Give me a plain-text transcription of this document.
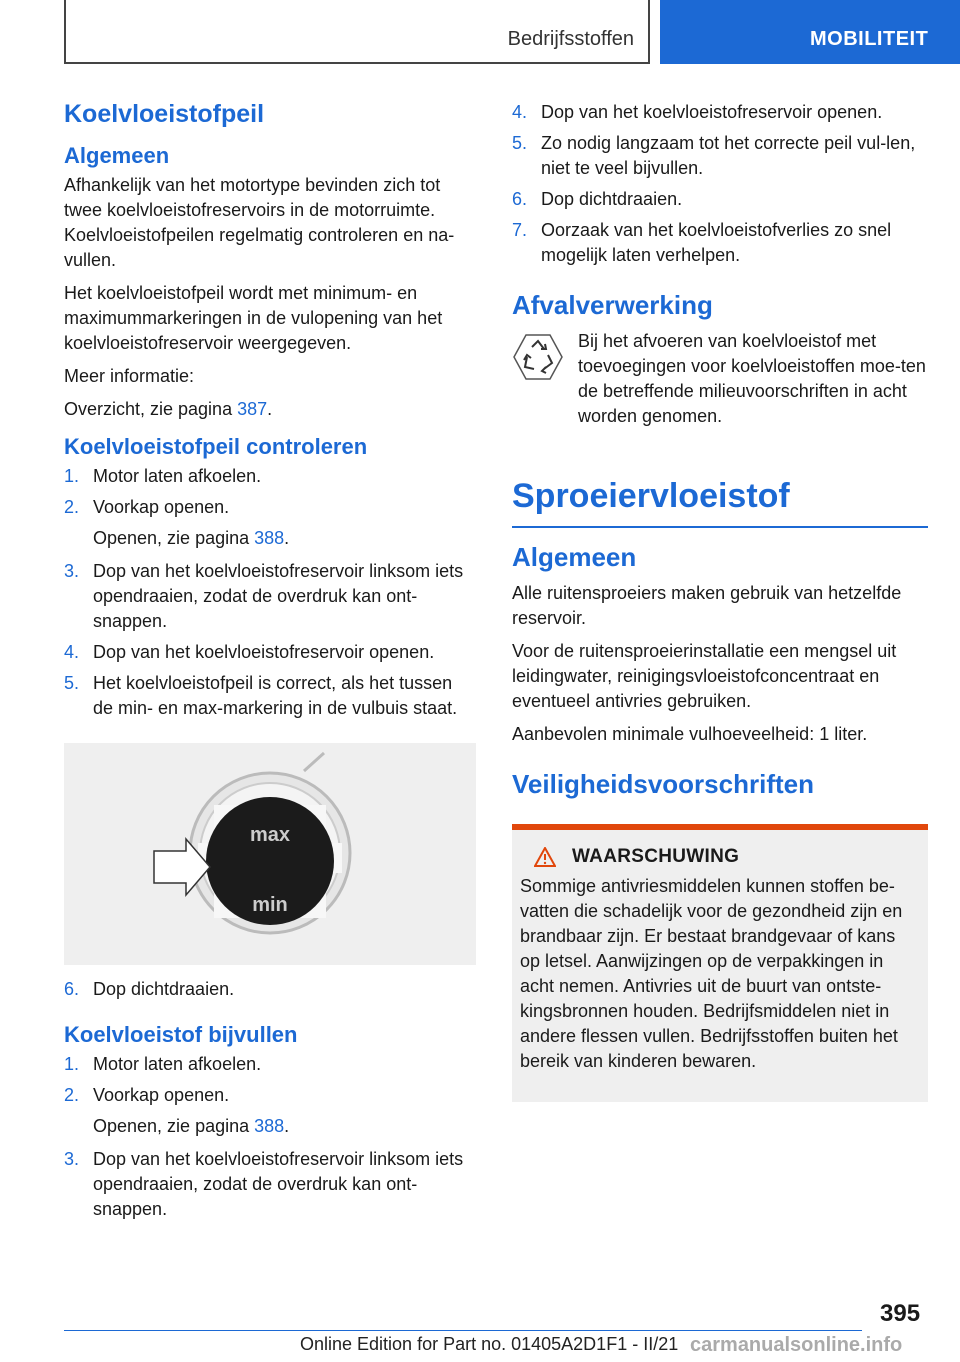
Bedrijfsstoffen	MOBILITEIT
Koelvloeistofpeil
Algemeen

Afhankelijk van het motortype bevinden zich tot twee koelvloeistofreservoirs in de motorruimte. Koelvloeistofpeilen regelmatig controleren en na-vullen.

Het koelvloeistofpeil wordt met minimum- en maximummarkeringen in de vulopening van het koelvloeistofreservoir weergegeven.

Meer informatie:

Overzicht, zie pagina 387.

Koelvloeistofpeil controleren
1. Motor laten afkoelen.
2. Voorkap openen.
Openen, zie pagina 388.
3. Dop van het koelvloeistofreservoir linksom iets opendraaien, zodat de overdruk kan ont-snappen.
4. Dop van het koelvloeistofreservoir openen.
5. Het koelvloeistofpeil is correct, als het tussen de min- en max-markering in de vulbuis staat.
max
min
6. Dop dichtdraaien.
Koelvloeistof bijvullen
1. Motor laten afkoelen.
2. Voorkap openen.
Openen, zie pagina 388.
3. Dop van het koelvloeistofreservoir linksom iets opendraaien, zodat de overdruk kan ont-snappen.
4. Dop van het koelvloeistofreservoir openen.
5. Zo nodig langzaam tot het correcte peil vul-len, niet te veel bijvullen.
6. Dop dichtdraaien.
7. Oorzaak van het koelvloeistofverlies zo snel mogelijk laten verhelpen.
Afvalverwerking

Bij het afvoeren van koelvloeistof met toevoegingen voor koelvloeistoffen moe-ten de betreffende milieuvoorschriften in acht worden genomen.

Sproeiervloeistof
Algemeen

Alle ruitensproeiers maken gebruik van hetzelfde reservoir.

Voor de ruitensproeierinstallatie een mengsel uit leidingwater, reinigingsvloeistofconcentraat en eventueel antivries gebruiken.

Aanbevolen minimale vulhoeveelheid: 1 liter.

Veiligheidsvoorschriften
WAARSCHUWING

Sommige antivriesmiddelen kunnen stoffen be-vatten die schadelijk voor de gezondheid zijn en brandbaar zijn. Er bestaat brandgevaar of kans op letsel. Aanwijzingen op de verpakkingen in acht nemen. Antivries uit de buurt van ontste-kingsbronnen houden. Bedrijfsmiddelen niet in andere flessen vullen. Bedrijfsstoffen buiten het bereik van kinderen bewaren.

395
Online Edition for Part no. 01405A2D1F1 - II/21 carmanualsonline.info
